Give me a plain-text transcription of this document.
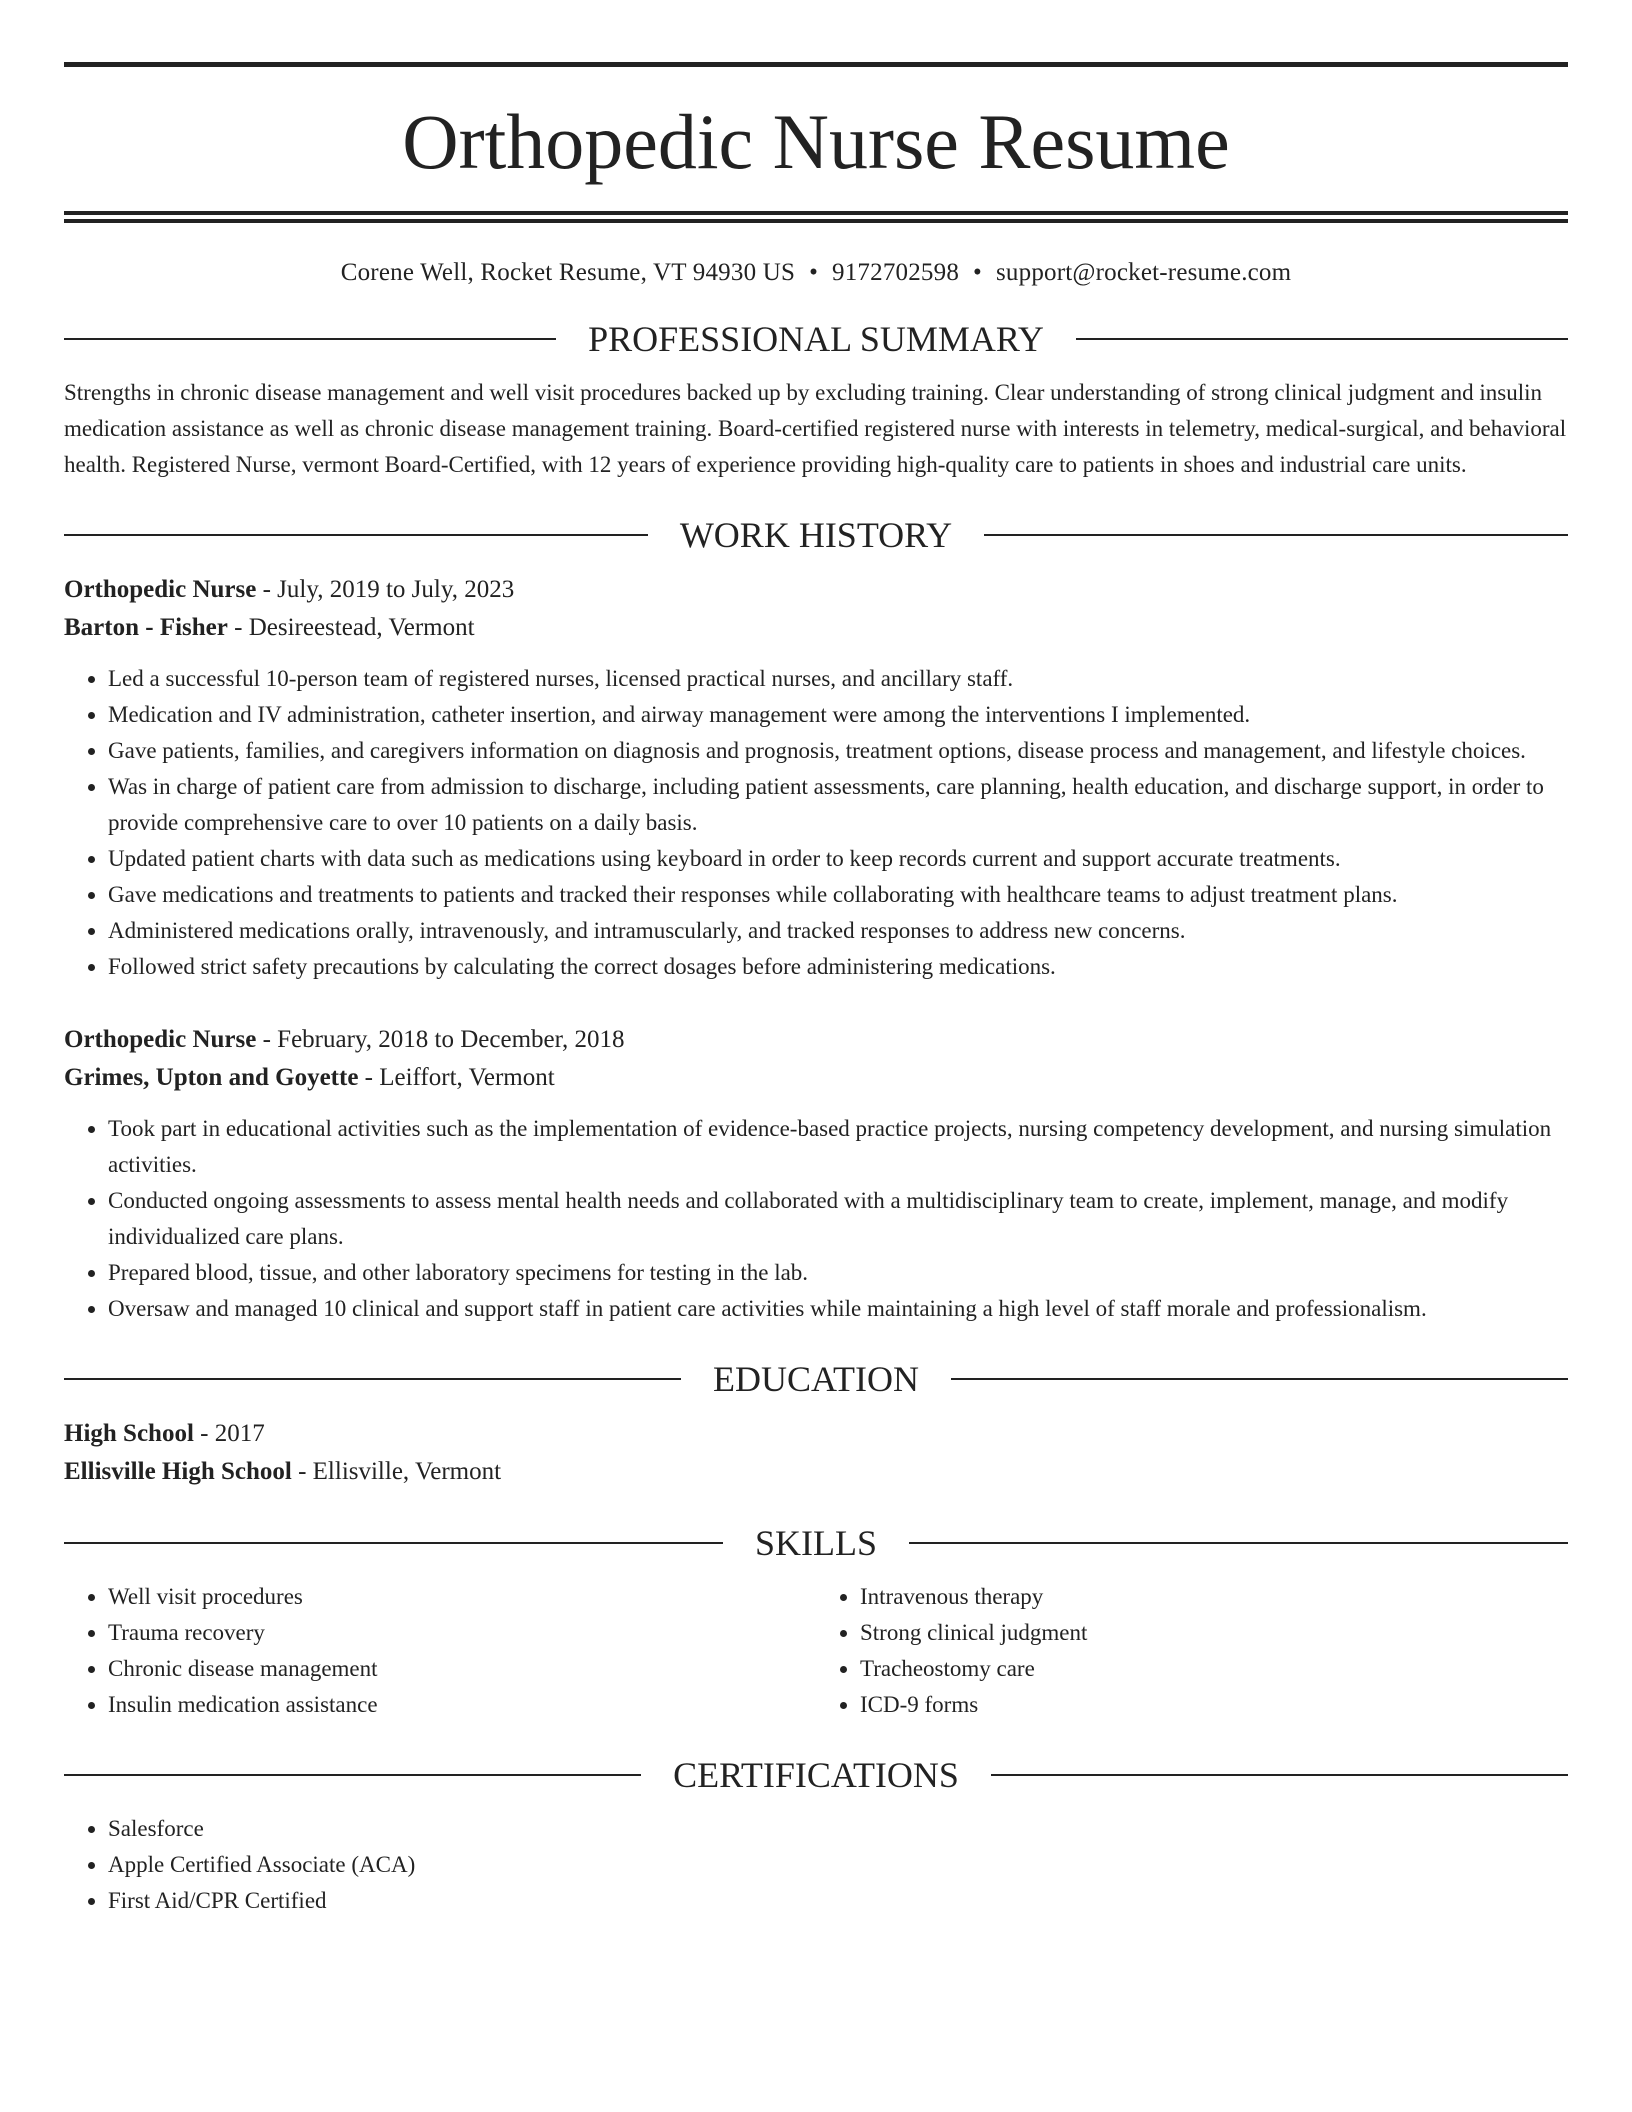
Orthopedic Nurse Resume
Corene Well, Rocket Resume, VT 94930 US • 9172702598 • support@rocket-resume.com
PROFESSIONAL SUMMARY

Strengths in chronic disease management and well visit procedures backed up by excluding training. Clear understanding of strong clinical judgment and insulin medication assistance as well as chronic disease management training. Board-certified registered nurse with interests in telemetry, medical-surgical, and behavioral health. Registered Nurse, vermont Board-Certified, with 12 years of experience providing high-quality care to patients in shoes and industrial care units.

WORK HISTORY

Orthopedic Nurse - July, 2019 to July, 2023

Barton - Fisher - Desireestead, Vermont

• Led a successful 10-person team of registered nurses, licensed practical nurses, and ancillary staff.
• Medication and IV administration, catheter insertion, and airway management were among the interventions I implemented.
• Gave patients, families, and caregivers information on diagnosis and prognosis, treatment options, disease process and management, and lifestyle choices.
• Was in charge of patient care from admission to discharge, including patient assessments, care planning, health education, and discharge support, in order to provide comprehensive care to over 10 patients on a daily basis.
• Updated patient charts with data such as medications using keyboard in order to keep records current and support accurate treatments.
• Gave medications and treatments to patients and tracked their responses while collaborating with healthcare teams to adjust treatment plans.
• Administered medications orally, intravenously, and intramuscularly, and tracked responses to address new concerns.
• Followed strict safety precautions by calculating the correct dosages before administering medications.

Orthopedic Nurse - February, 2018 to December, 2018

Grimes, Upton and Goyette - Leiffort, Vermont

• Took part in educational activities such as the implementation of evidence-based practice projects, nursing competency development, and nursing simulation activities.
• Conducted ongoing assessments to assess mental health needs and collaborated with a multidisciplinary team to create, implement, manage, and modify individualized care plans.
• Prepared blood, tissue, and other laboratory specimens for testing in the lab.
• Oversaw and managed 10 clinical and support staff in patient care activities while maintaining a high level of staff morale and professionalism.
EDUCATION

High School - 2017

Ellisville High School - Ellisville, Vermont

SKILLS
• Well visit procedures
• Trauma recovery
• Chronic disease management
• Insulin medication assistance
• Intravenous therapy
• Strong clinical judgment
• Tracheostomy care
• ICD-9 forms
CERTIFICATIONS
• Salesforce
• Apple Certified Associate (ACA)
• First Aid/CPR Certified
